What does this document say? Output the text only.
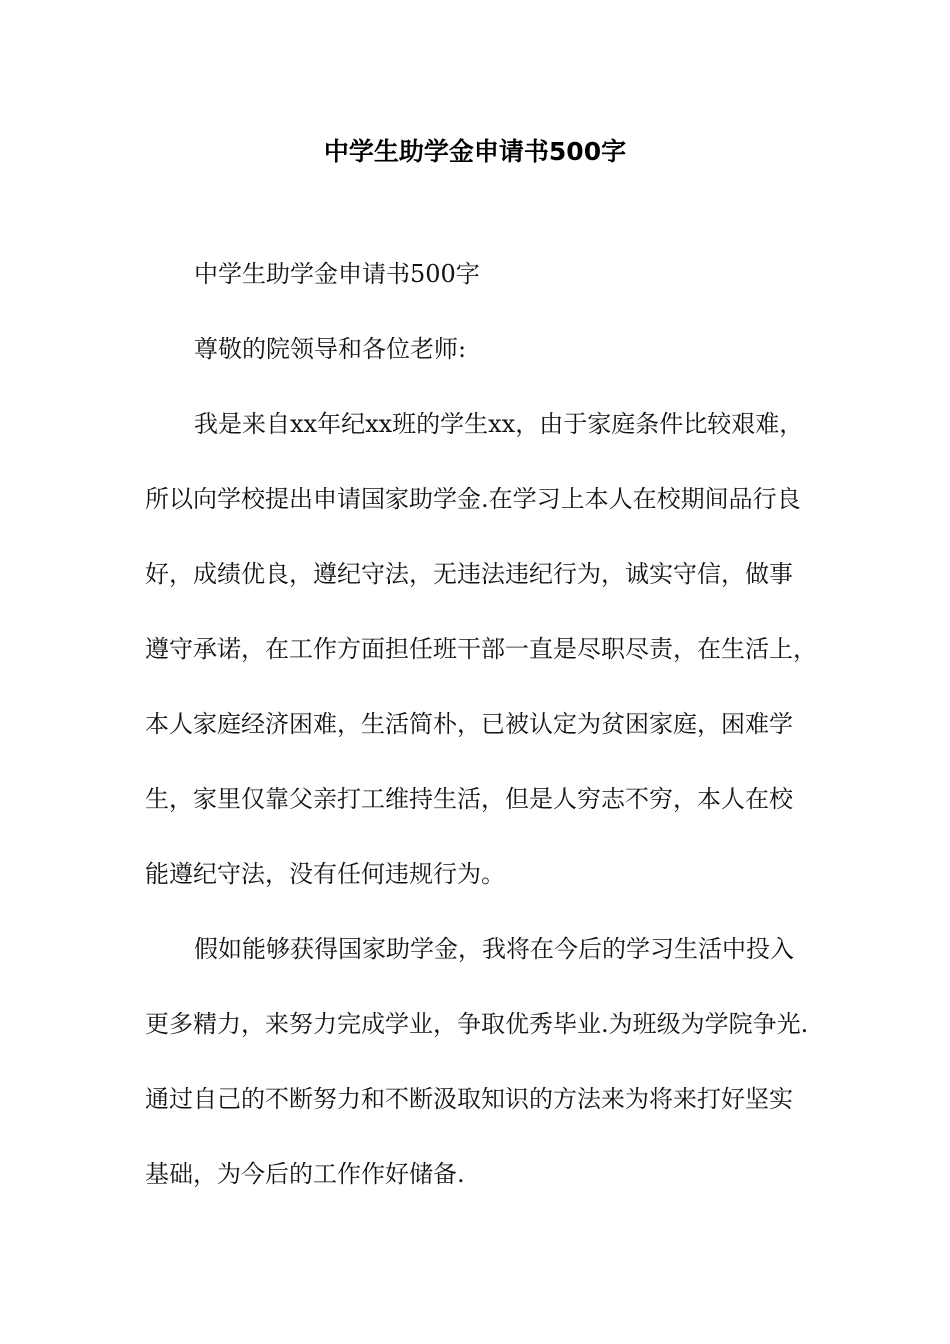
中学生助学金申请书500字
中学生助学金申请书500字
尊敬的院领导和各位老师:
我是来自xx年纪xx班的学生xx，由于家庭条件比较艰难，
所以向学校提出申请国家助学金.在学习上本人在校期间品行良
好，成绩优良，遵纪守法，无违法违纪行为，诚实守信，做事
遵守承诺，在工作方面担任班干部一直是尽职尽责，在生活上，
本人家庭经济困难，生活简朴，已被认定为贫困家庭，困难学
生，家里仅靠父亲打工维持生活，但是人穷志不穷，本人在校
能遵纪守法，没有任何违规行为。
假如能够获得国家助学金，我将在今后的学习生活中投入
更多精力，来努力完成学业，争取优秀毕业.为班级为学院争光.
通过自己的不断努力和不断汲取知识的方法来为将来打好坚实
基础，为今后的工作作好储备.
